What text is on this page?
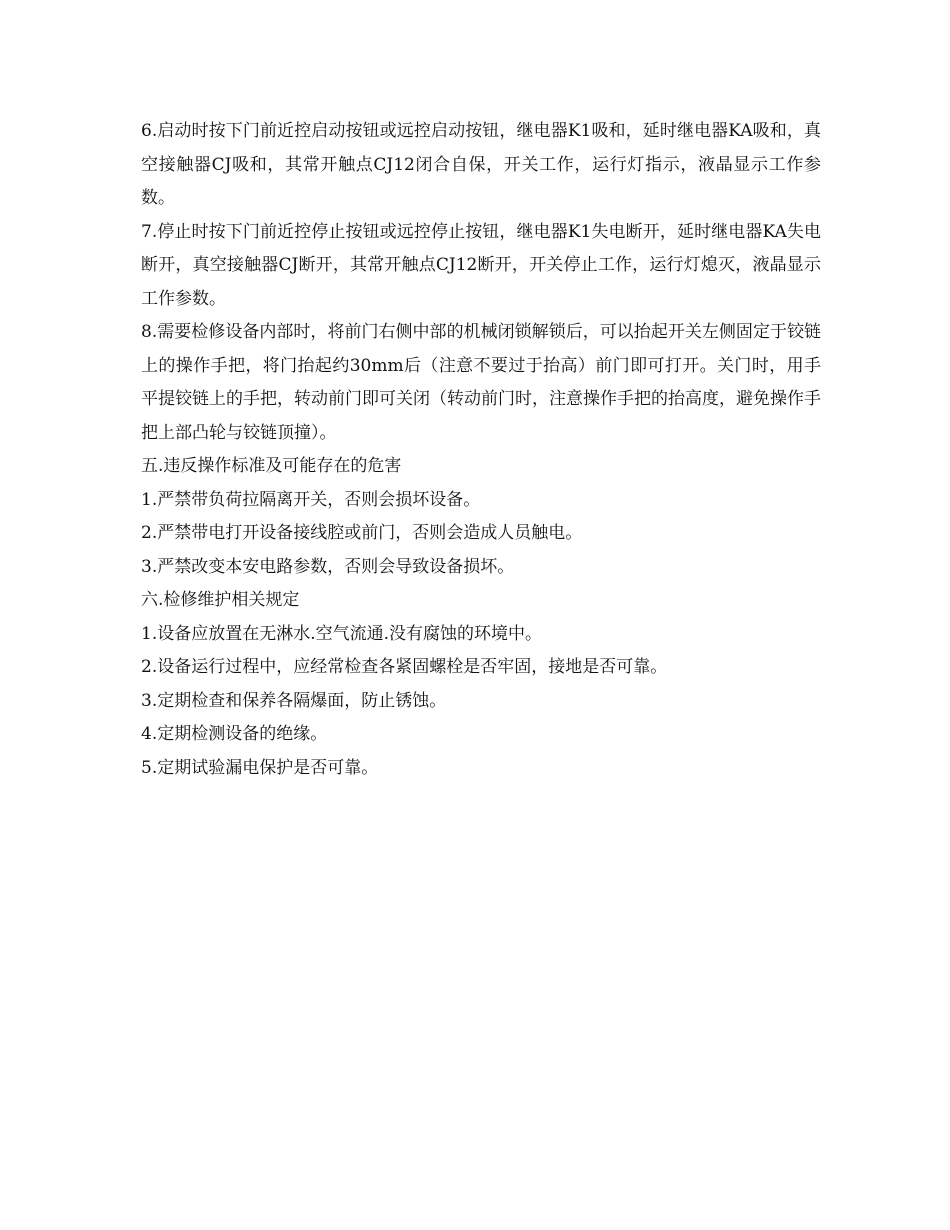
6.启动时按下门前近控启动按钮或远控启动按钮，继电器K1吸和，延时继电器KA吸和，真空接触器CJ吸和，其常开触点CJ12闭合自保，开关工作，运行灯指示，液晶显示工作参数。

7.停止时按下门前近控停止按钮或远控停止按钮，继电器K1失电断开，延时继电器KA失电断开，真空接触器CJ断开，其常开触点CJ12断开，开关停止工作，运行灯熄灭，液晶显示工作参数。

8.需要检修设备内部时，将前门右侧中部的机械闭锁解锁后，可以抬起开关左侧固定于铰链上的操作手把，将门抬起约30mm后（注意不要过于抬高）前门即可打开。关门时，用手平提铰链上的手把，转动前门即可关闭（转动前门时，注意操作手把的抬高度，避免操作手把上部凸轮与铰链顶撞）。

五.违反操作标准及可能存在的危害

1.严禁带负荷拉隔离开关，否则会损坏设备。

2.严禁带电打开设备接线腔或前门，否则会造成人员触电。

3.严禁改变本安电路参数，否则会导致设备损坏。

六.检修维护相关规定

1.设备应放置在无淋水.空气流通.没有腐蚀的环境中。

2.设备运行过程中，应经常检查各紧固螺栓是否牢固，接地是否可靠。

3.定期检查和保养各隔爆面，防止锈蚀。

4.定期检测设备的绝缘。

5.定期试验漏电保护是否可靠。
